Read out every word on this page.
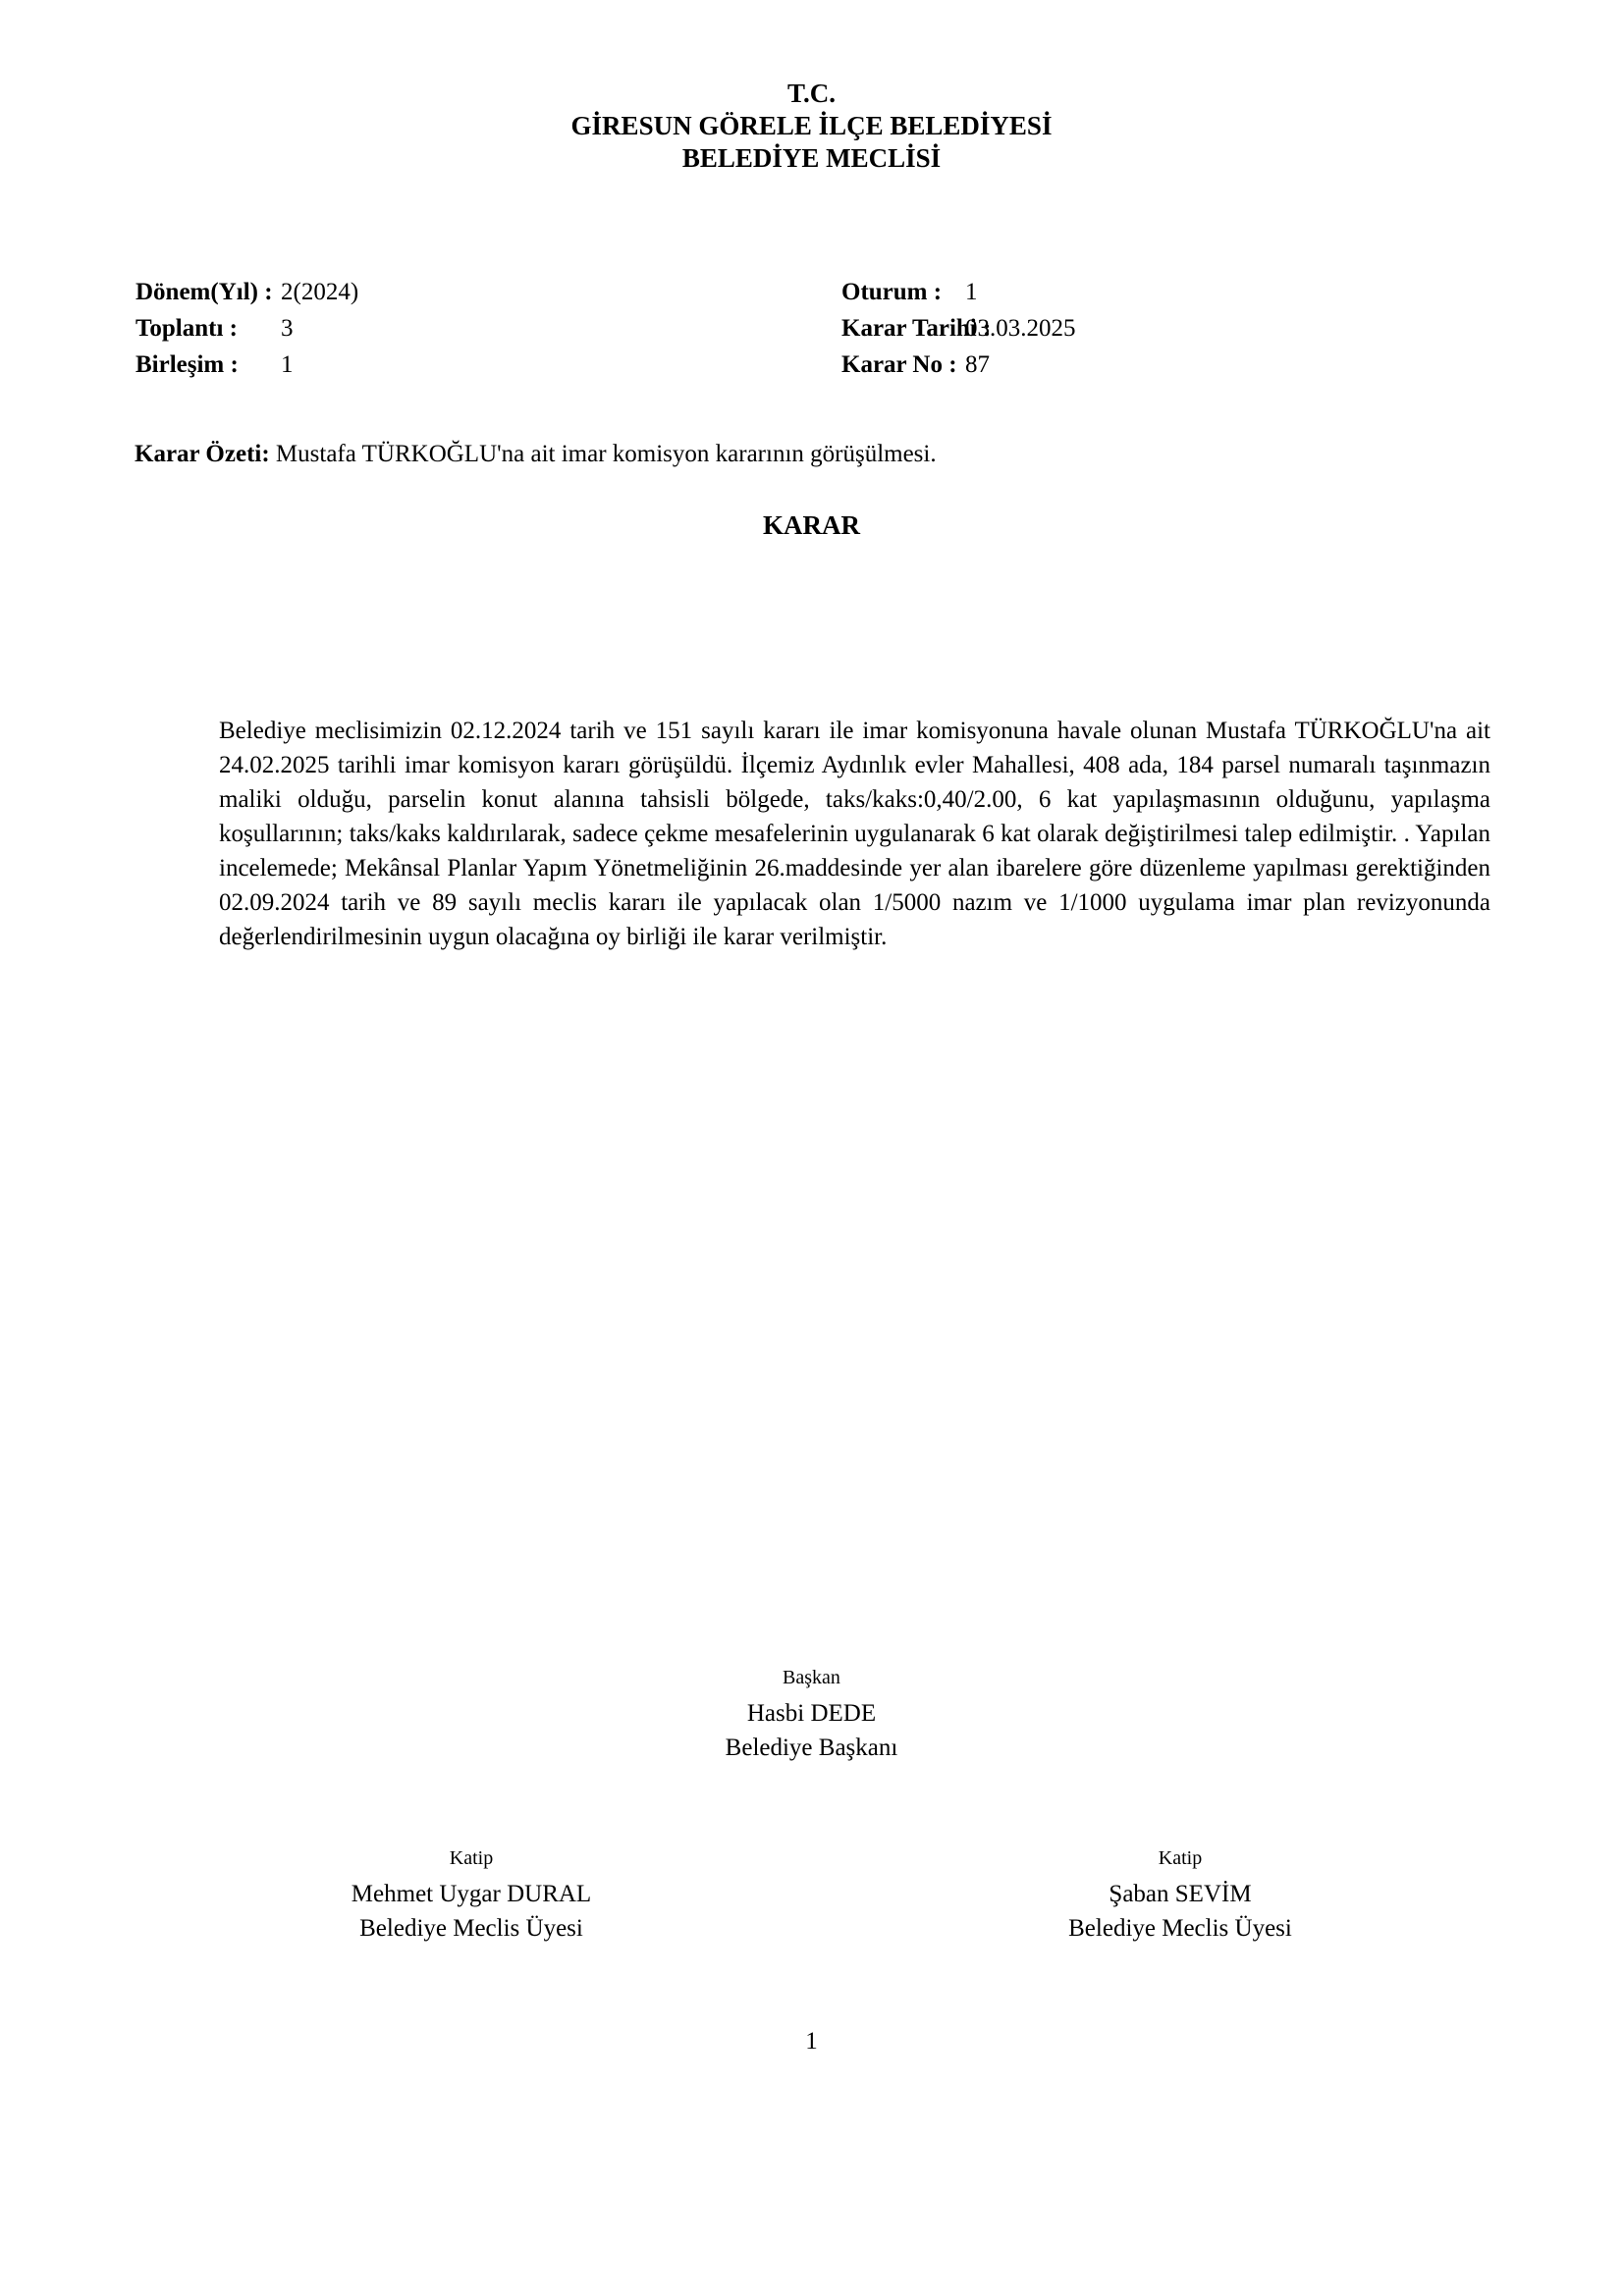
T.C.
GİRESUN GÖRELE İLÇE BELEDİYESİ
BELEDİYE MECLİSİ
Dönem(Yıl) : 2(2024)
Toplantı : 3
Birleşim : 1
Oturum : 1
Karar Tarihi :03.03.2025
Karar No : 87
Karar Özeti: Mustafa TÜRKOĞLU'na ait imar komisyon kararının görüşülmesi.
KARAR
Belediye meclisimizin 02.12.2024 tarih ve 151 sayılı kararı ile imar komisyonuna havale olunan Mustafa TÜRKOĞLU'na ait 24.02.2025 tarihli imar komisyon kararı görüşüldü. İlçemiz Aydınlık evler Mahallesi, 408 ada, 184 parsel numaralı taşınmazın maliki olduğu, parselin konut alanına tahsisli bölgede, taks/kaks:0,40/2.00, 6 kat yapılaşmasının olduğunu, yapılaşma koşullarının; taks/kaks kaldırılarak, sadece çekme mesafelerinin uygulanarak 6 kat olarak değiştirilmesi talep edilmiştir. . Yapılan incelemede; Mekânsal Planlar Yapım Yönetmeliğinin 26.maddesinde yer alan ibarelere göre düzenleme yapılması gerektiğinden 02.09.2024 tarih ve 89 sayılı meclis kararı ile yapılacak olan 1/5000 nazım ve 1/1000 uygulama imar plan revizyonunda değerlendirilmesinin uygun olacağına oy birliği ile karar verilmiştir.
Başkan
Hasbi DEDE
Belediye Başkanı
Katip
Mehmet Uygar DURAL
Belediye Meclis Üyesi
Katip
Şaban SEVİM
Belediye Meclis Üyesi
1
